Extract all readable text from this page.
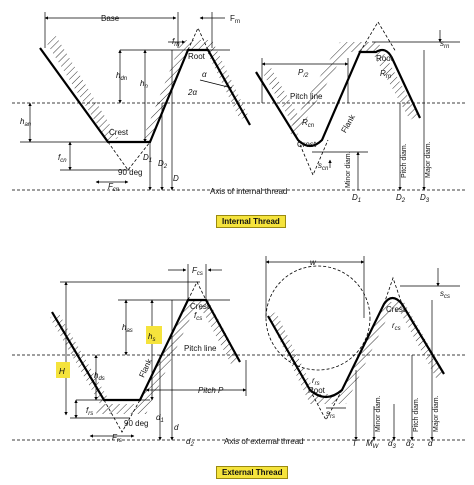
Base	$F_{rn}$
$f_{rn}$
Root
$h_{dn}$ $h_n$
α
2α
$h_{an}$
Crest
$f_{cn}$
$F_{cn}$
90 deg
$D_1$ $D_2$
D
$P_{/2}$
Pitch line
$R_{cn}$
Crest
$s_{cn}$
Flank
Root
$R_{rn}$
$s_{rn}$
Minor diam.	Pitch diam. Major diam.
Axis of internal thread
$D_1$	$D_2$ $D_3$
$F_{cs}$
Crest
$f_{cs}$
$h_{as}$
$h_s$
H
Pitch line
$h_{ds}$	Flank
Pitch P
$f_{rs}$
90 deg
$F_{rs}$
$d_1$
d
$d_2$	Axis of external thread
w
Crest
$s_{cs}$
$r_{cs}$
$r_{rs}$
Root
$s_{rs}$
T $M_W$ $d_3$ $d_2$ d
Minor diam.	Pitch diam. Major diam.
Internal Thread
External Thread
